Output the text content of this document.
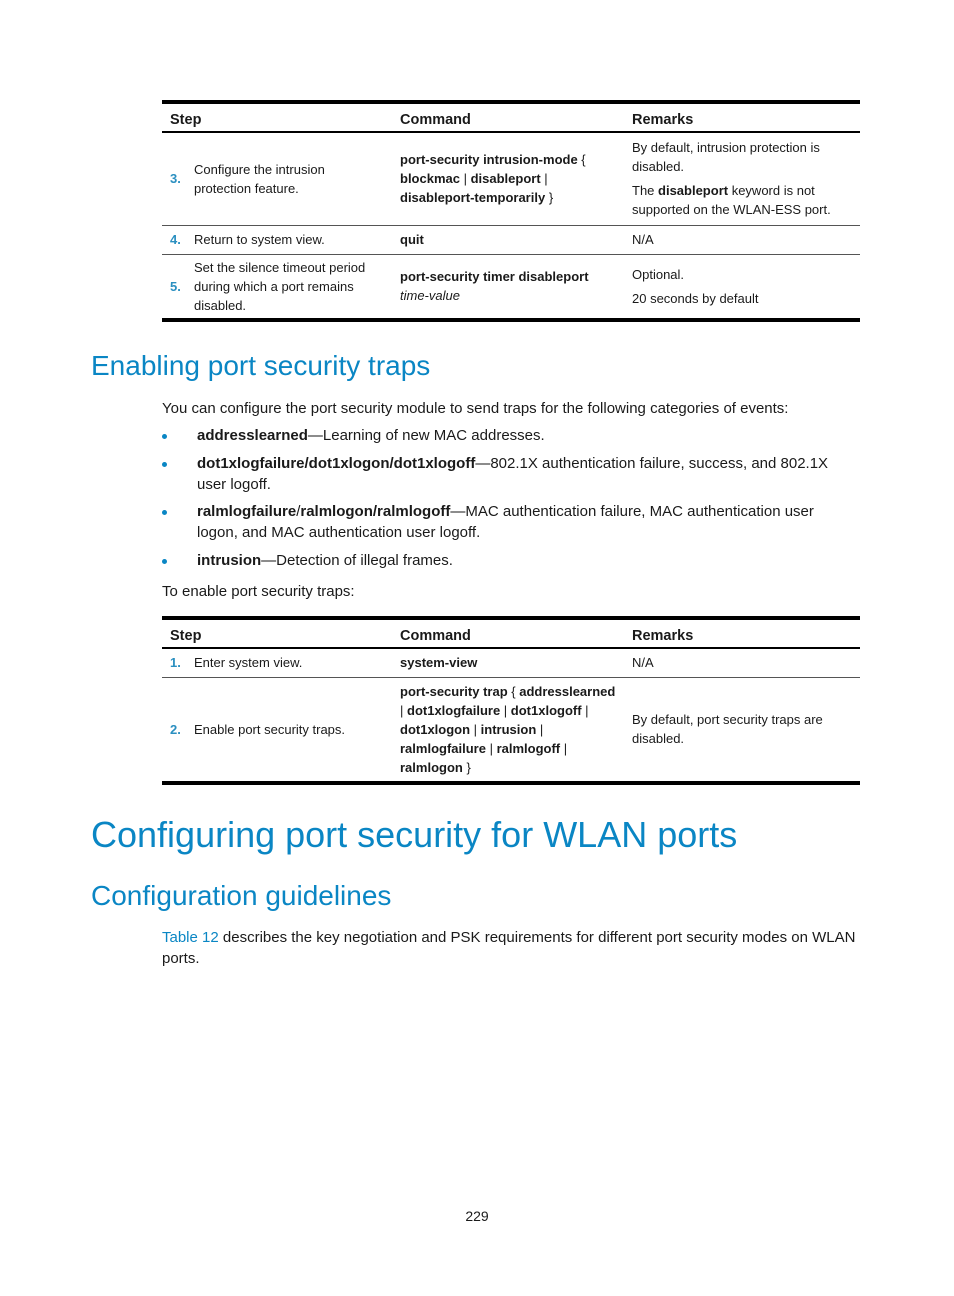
Step		Command	Remarks
3.	Configure the intrusion protection feature.	port-security intrusion-mode { blockmac | disableport | disableport-temporarily }	By default, intrusion protection is disabled.

The disableport keyword is not supported on the WLAN-ESS port.

4.	Return to system view.	quit	N/A

5.	Set the silence timeout period during which a port remains disabled.	port-security timer disableport time-value	Optional.

20 seconds by default

Enabling port security traps
You can configure the port security module to send traps for the following categories of events:
addresslearned—Learning of new MAC addresses.
dot1xlogfailure/dot1xlogon/dot1xlogoff—802.1X authentication failure, success, and 802.1X user logoff.
ralmlogfailure/ralmlogon/ralmlogoff—MAC authentication failure, MAC authentication user logon, and MAC authentication user logoff.
intrusion—Detection of illegal frames.
To enable port security traps:
Step		Command	Remarks
1.	Enter system view.	system-view	N/A

2.	Enable port security traps.	port-security trap { addresslearned | dot1xlogfailure | dot1xlogoff | dot1xlogon | intrusion | ralmlogfailure | ralmlogoff | ralmlogon }	By default, port security traps are disabled.

Configuring port security for WLAN ports
Configuration guidelines
Table 12 describes the key negotiation and PSK requirements for different port security modes on WLAN ports.
229
